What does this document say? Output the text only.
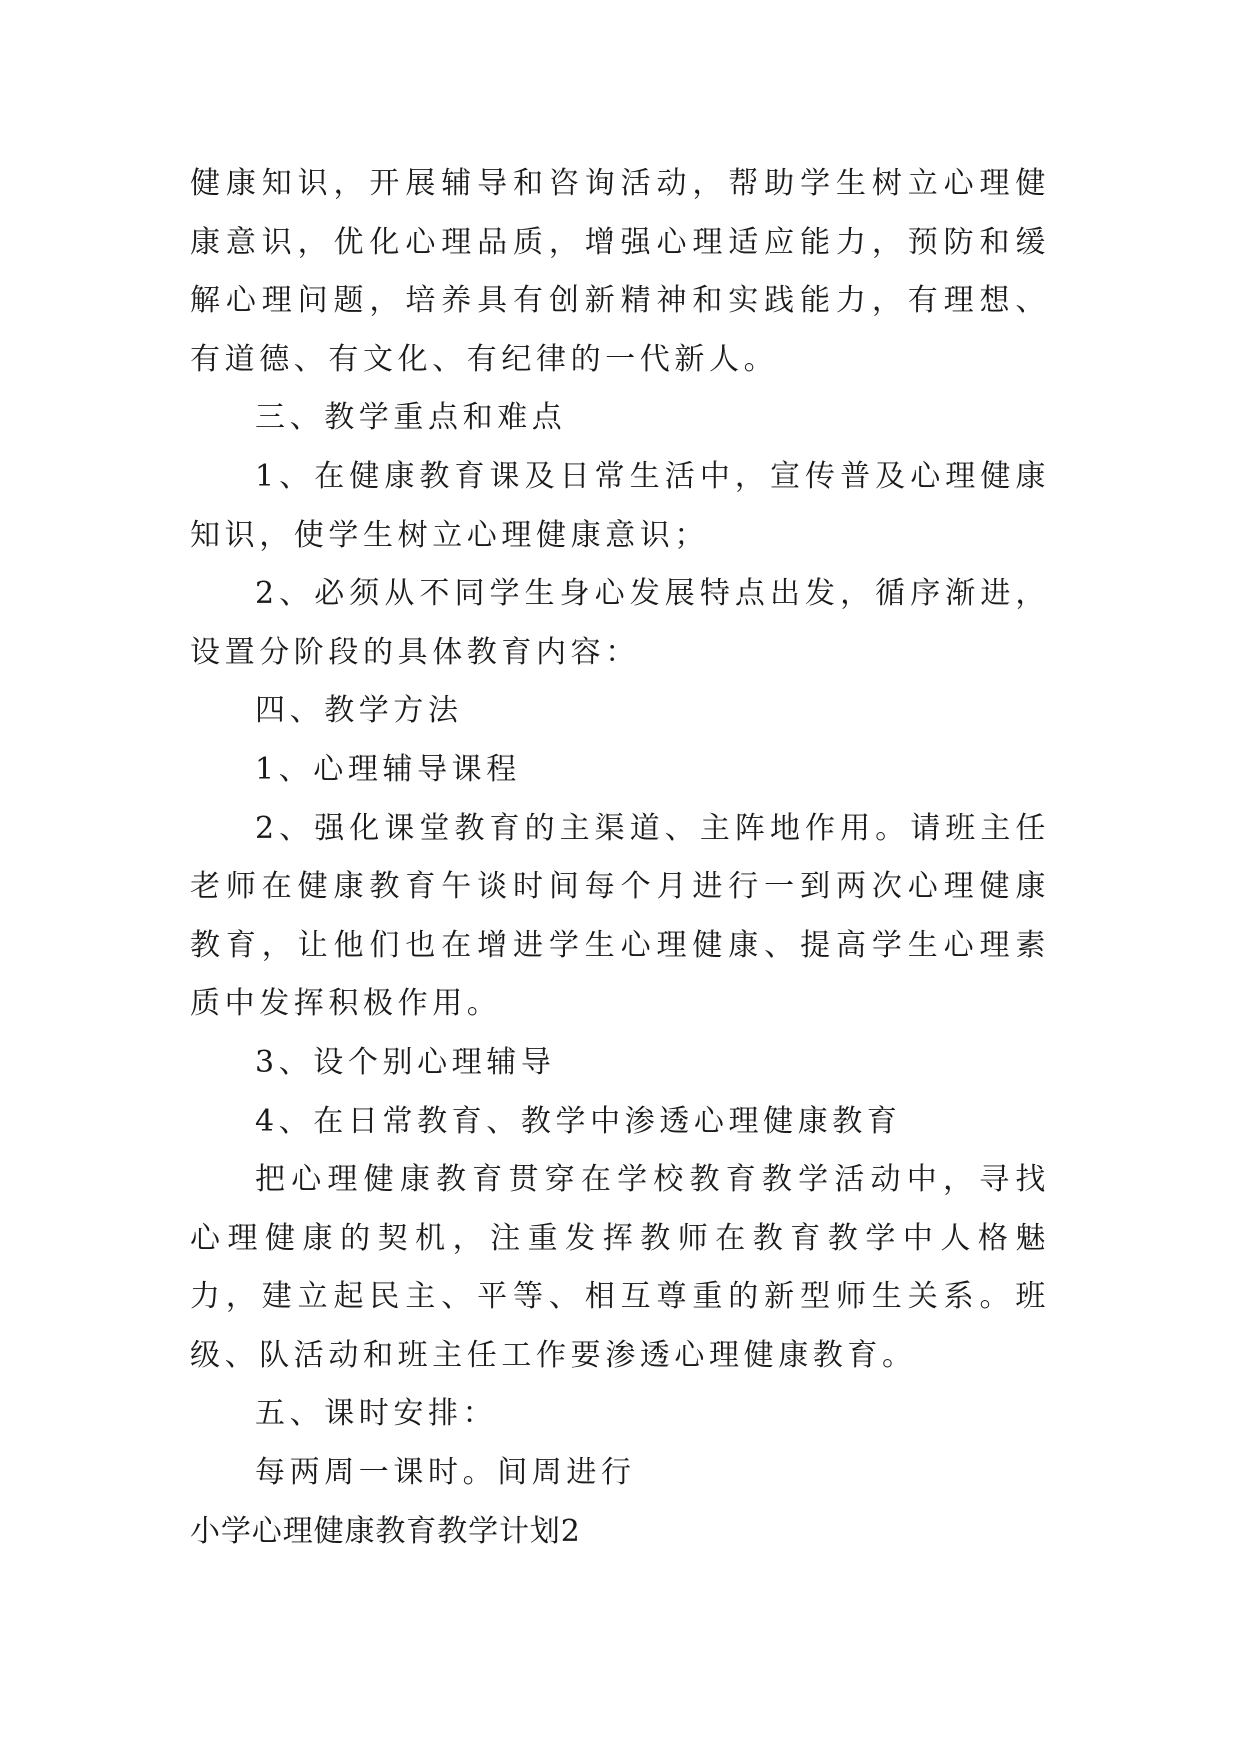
健康知识，开展辅导和咨询活动，帮助学生树立心理健康意识，优化心理品质，增强心理适应能力，预防和缓解心理问题，培养具有创新精神和实践能力，有理想、有道德、有文化、有纪律的一代新人。

三、教学重点和难点

1、在健康教育课及日常生活中，宣传普及心理健康知识，使学生树立心理健康意识；

2、必须从不同学生身心发展特点出发，循序渐进，设置分阶段的具体教育内容：

四、教学方法

1、心理辅导课程

2、强化课堂教育的主渠道、主阵地作用。请班主任老师在健康教育午谈时间每个月进行一到两次心理健康教育，让他们也在增进学生心理健康、提高学生心理素质中发挥积极作用。

3、设个别心理辅导

4、在日常教育、教学中渗透心理健康教育

把心理健康教育贯穿在学校教育教学活动中，寻找心理健康的契机，注重发挥教师在教育教学中人格魅力，建立起民主、平等、相互尊重的新型师生关系。班级、队活动和班主任工作要渗透心理健康教育。

五、课时安排：

每两周一课时。间周进行

小学心理健康教育教学计划2
